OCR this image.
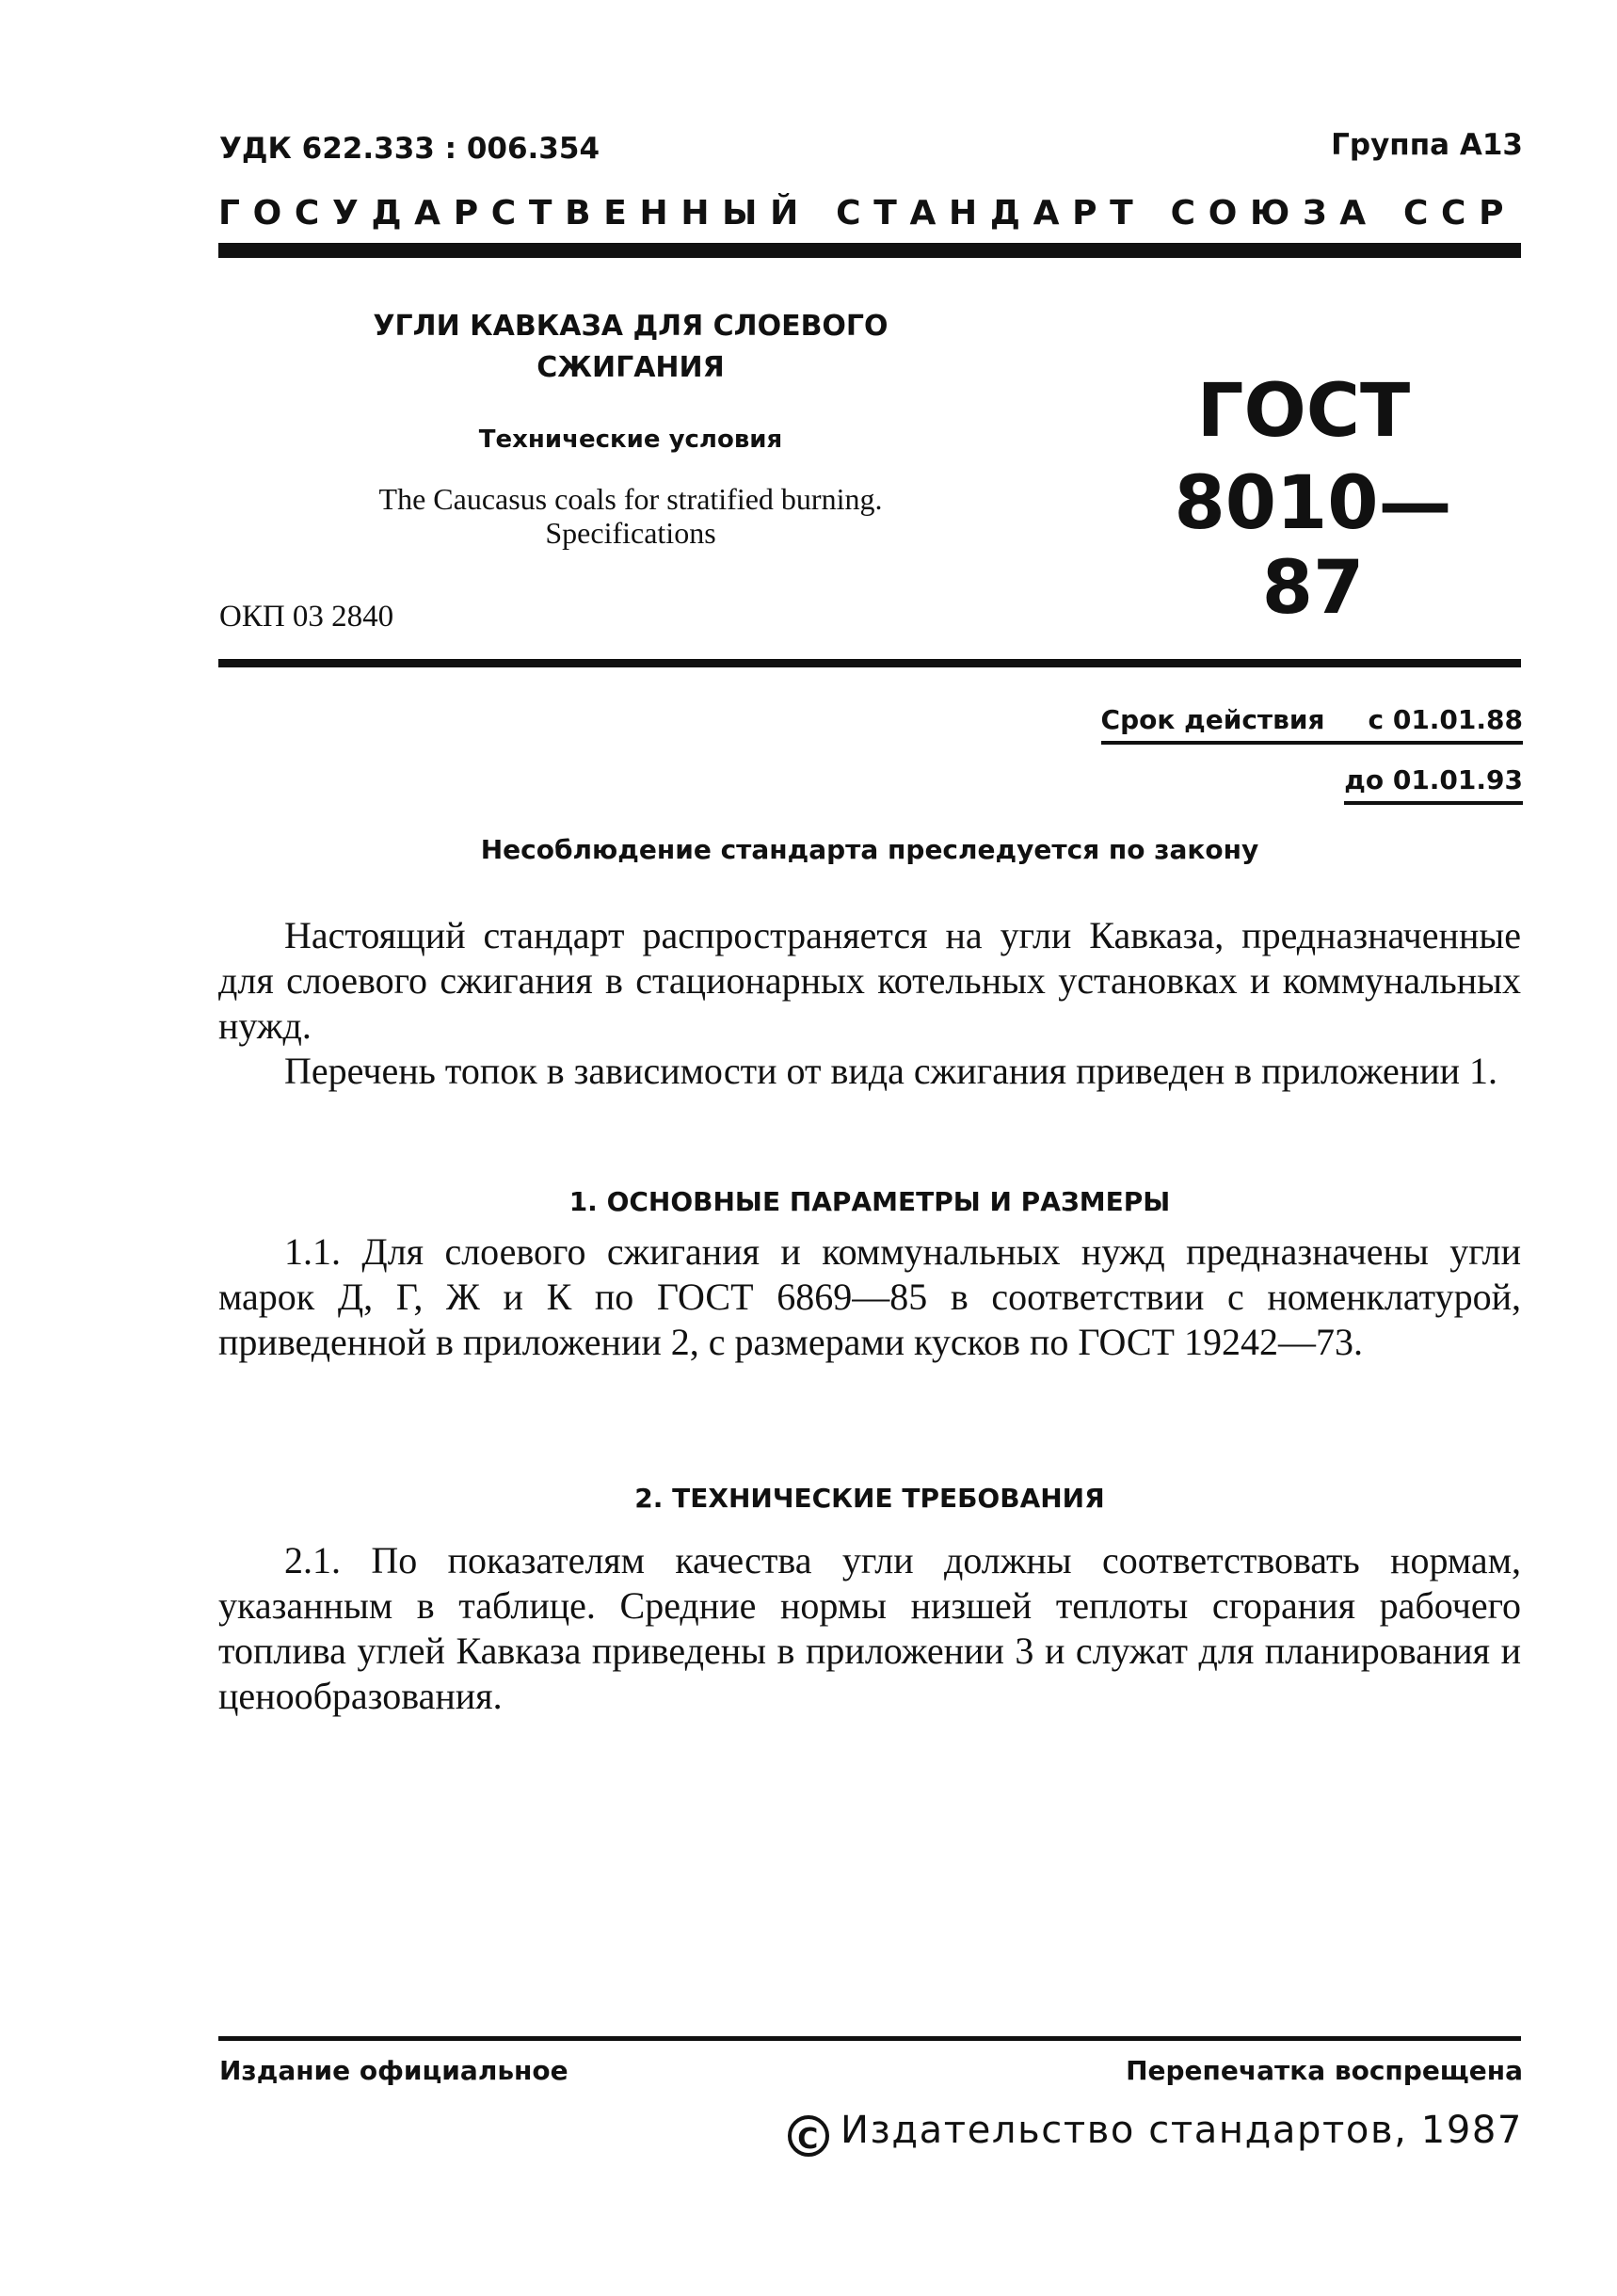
УДК 622.333 : 006.354	Группа А13
ГОСУДАРСТВЕННЫЙ СТАНДАРТ СОЮЗА ССР
УГЛИ КАВКАЗА ДЛЯ СЛОЕВОГО
СЖИГАНИЯ
Технические условия
The Caucasus coals for stratified burning.
Specifications
ГОСТ
8010—87
ОКП 03 2840
Срок действия с 01.01.88
до 01.01.93
Несоблюдение стандарта преследуется по закону

Настоящий стандарт распространяется на угли Кавказа, предназначенные для слоевого сжигания в стационарных котельных установках и коммунальных нужд.

Перечень топок в зависимости от вида сжигания приведен в приложении 1.

1. ОСНОВНЫЕ ПАРАМЕТРЫ И РАЗМЕРЫ

1.1. Для слоевого сжигания и коммунальных нужд предназначены угли марок Д, Г, Ж и К по ГОСТ 6869—85 в соответствии с номенклатурой, приведенной в приложении 2, с размерами кусков по ГОСТ 19242—73.

2. ТЕХНИЧЕСКИЕ ТРЕБОВАНИЯ

2.1. По показателям качества угли должны соответствовать нормам, указанным в таблице. Средние нормы низшей теплоты сгорания рабочего топлива углей Кавказа приведены в приложении 3 и служат для планирования и ценообразования.

Издание официальное	Перепечатка воспрещена
C Издательство стандартов, 1987
